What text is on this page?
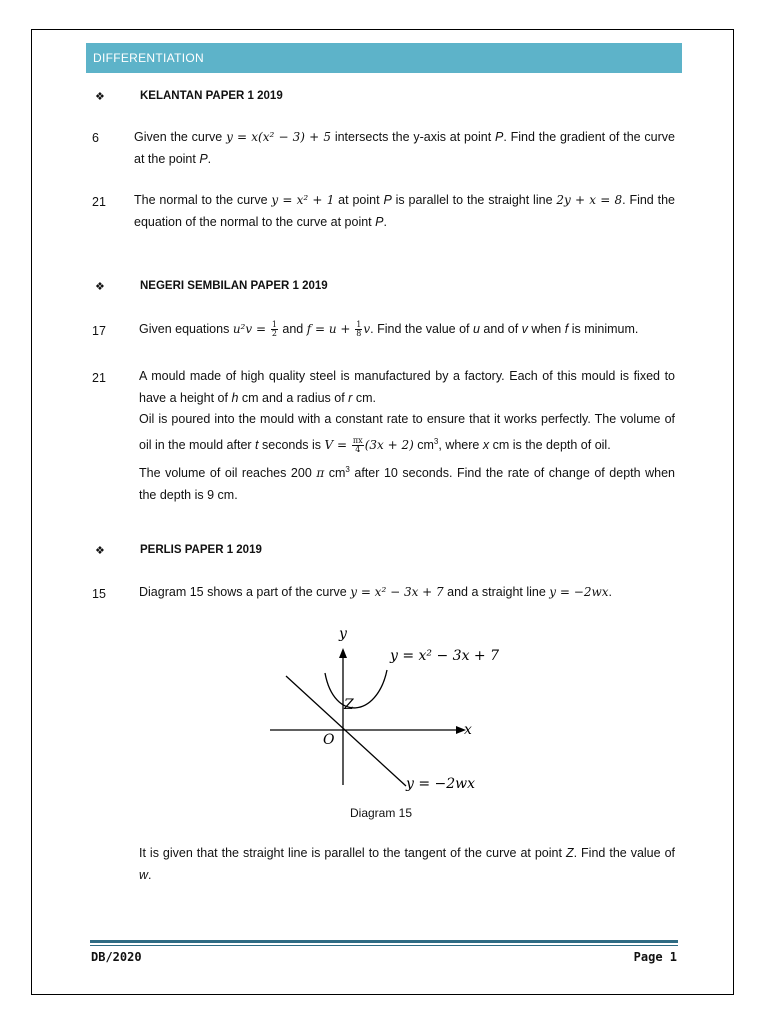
DIFFERENTIATION
❖	KELANTAN PAPER 1 2019
6	Given the curve y = x(x² − 3) + 5 intersects the y-axis at point P. Find the gradient of the curve at the point P.
21 The normal to the curve y = x² + 1 at point P is parallel to the straight line 2y + x = 8. Find the equation of the normal to the curve at point P.
❖	NEGERI SEMBILAN PAPER 1 2019
17	Given equations $u^2v = \frac{1}{2}$ and $f = u + \frac{1}{8} v$. Find the value of u and of v when f is minimum.
21	A mould made of high quality steel is manufactured by a factory. Each of this mould is fixed to have a height of h cm and a radius of r cm.
Oil is poured into the mould with a constant rate to ensure that it works perfectly. The volume of oil in the mould after t seconds is $V = \frac{\pi x}{4} (3x + 2)$ $cm^3$, where x cm is the depth of oil.
The volume of oil reaches 200 π $cm^3$ after 10 seconds. Find the rate of change of depth when the depth is 9 cm.
❖	PERLIS PAPER 1 2019
15	Diagram 15 shows a part of the curve y = x² − 3x + 7 and a straight line y = −2wx.
y
x
O
Z
y = x² − 3x + 7
y = −2wx
Diagram 15
It is given that the straight line is parallel to the tangent of the curve at point Z. Find the value of w.
DB/2020	Page 1
